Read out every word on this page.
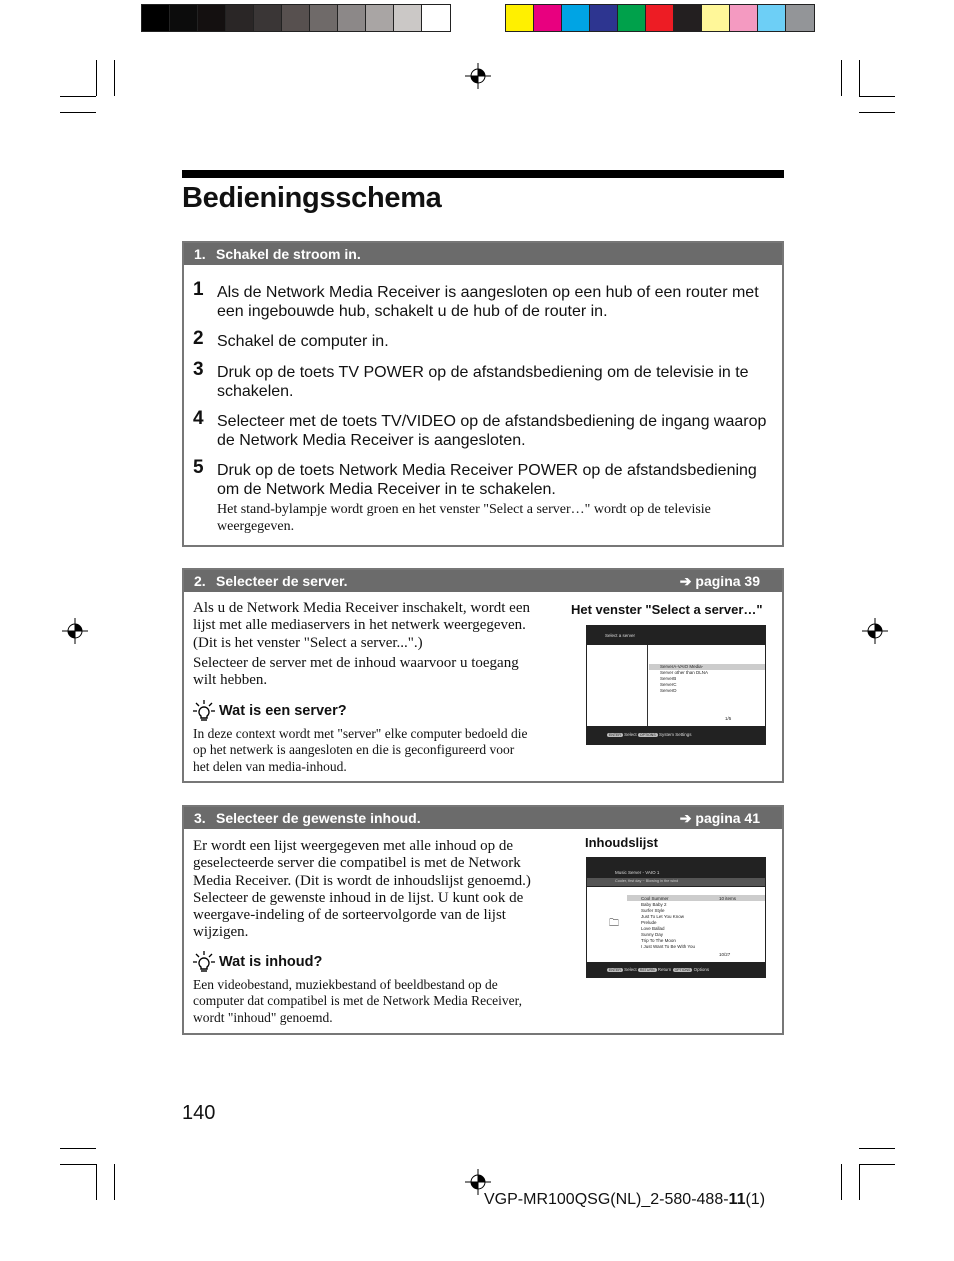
Bedieningsschema
1. Schakel de stroom in.
1 Als de Network Media Receiver is aangesloten op een hub of een router met een ingebouwde hub, schakelt u de hub of de router in.
2 Schakel de computer in.
3 Druk op de toets TV POWER op de afstandsbediening om de televisie in te schakelen.
4 Selecteer met de toets TV/VIDEO op de afstandsbediening de ingang waarop de Network Media Receiver is aangesloten.
5 Druk op de toets Network Media Receiver POWER op de afstandsbediening om de Network Media Receiver in te schakelen.
Het stand-bylampje wordt groen en het venster "Select a server…" wordt op de televisie weergegeven.
2. Selecteer de server.	➔ pagina 39
Als u de Network Media Receiver inschakelt, wordt een lijst met alle mediaservers in het netwerk weergegeven. (Dit is het venster "Select a server...".)
Selecteer de server met de inhoud waarvoor u toegang wilt hebben.
Wat is een server?
In deze context wordt met "server" elke computer bedoeld die op het netwerk is aangesloten en die is geconfigureerd voor het delen van media-inhoud.
Het venster "Select a server…"
Select a server
ServerA-VAIO Media-
Server other than DLNA
ServerB
ServerC
ServerD
1/5
ENTER Select OPTIONS System Settings
3. Selecteer de gewenste inhoud.	➔ pagina 41
Er wordt een lijst weergegeven met alle inhoud op de geselecteerde server die compatibel is met de Network Media Receiver. (Dit is wordt de inhoudslijst genoemd.) Selecteer de gewenste inhoud in de lijst. U kunt ook de weergave-indeling of de sorteervolgorde van de lijst wijzigen.
Wat is inhoud?
Een videobestand, muziekbestand of beeldbestand op de computer dat compatibel is met de Network Media Receiver, wordt "inhoud" genoemd.
Inhoudslijst
Music Server - VAIO 1
Cooler, first day ~ Blowing in the wind
🗀
Cool Summer
Baby Baby 2
Surfer Style
Just To Let You Know
Prelude
Love Ballad
Sunny Day
Trip To The Moon
I Just Want To Be With You
10 items
10/27
ENTER Select RETURN Return OPTIONS Options
140
VGP-MR100QSG(NL)_2-580-488-11(1)
